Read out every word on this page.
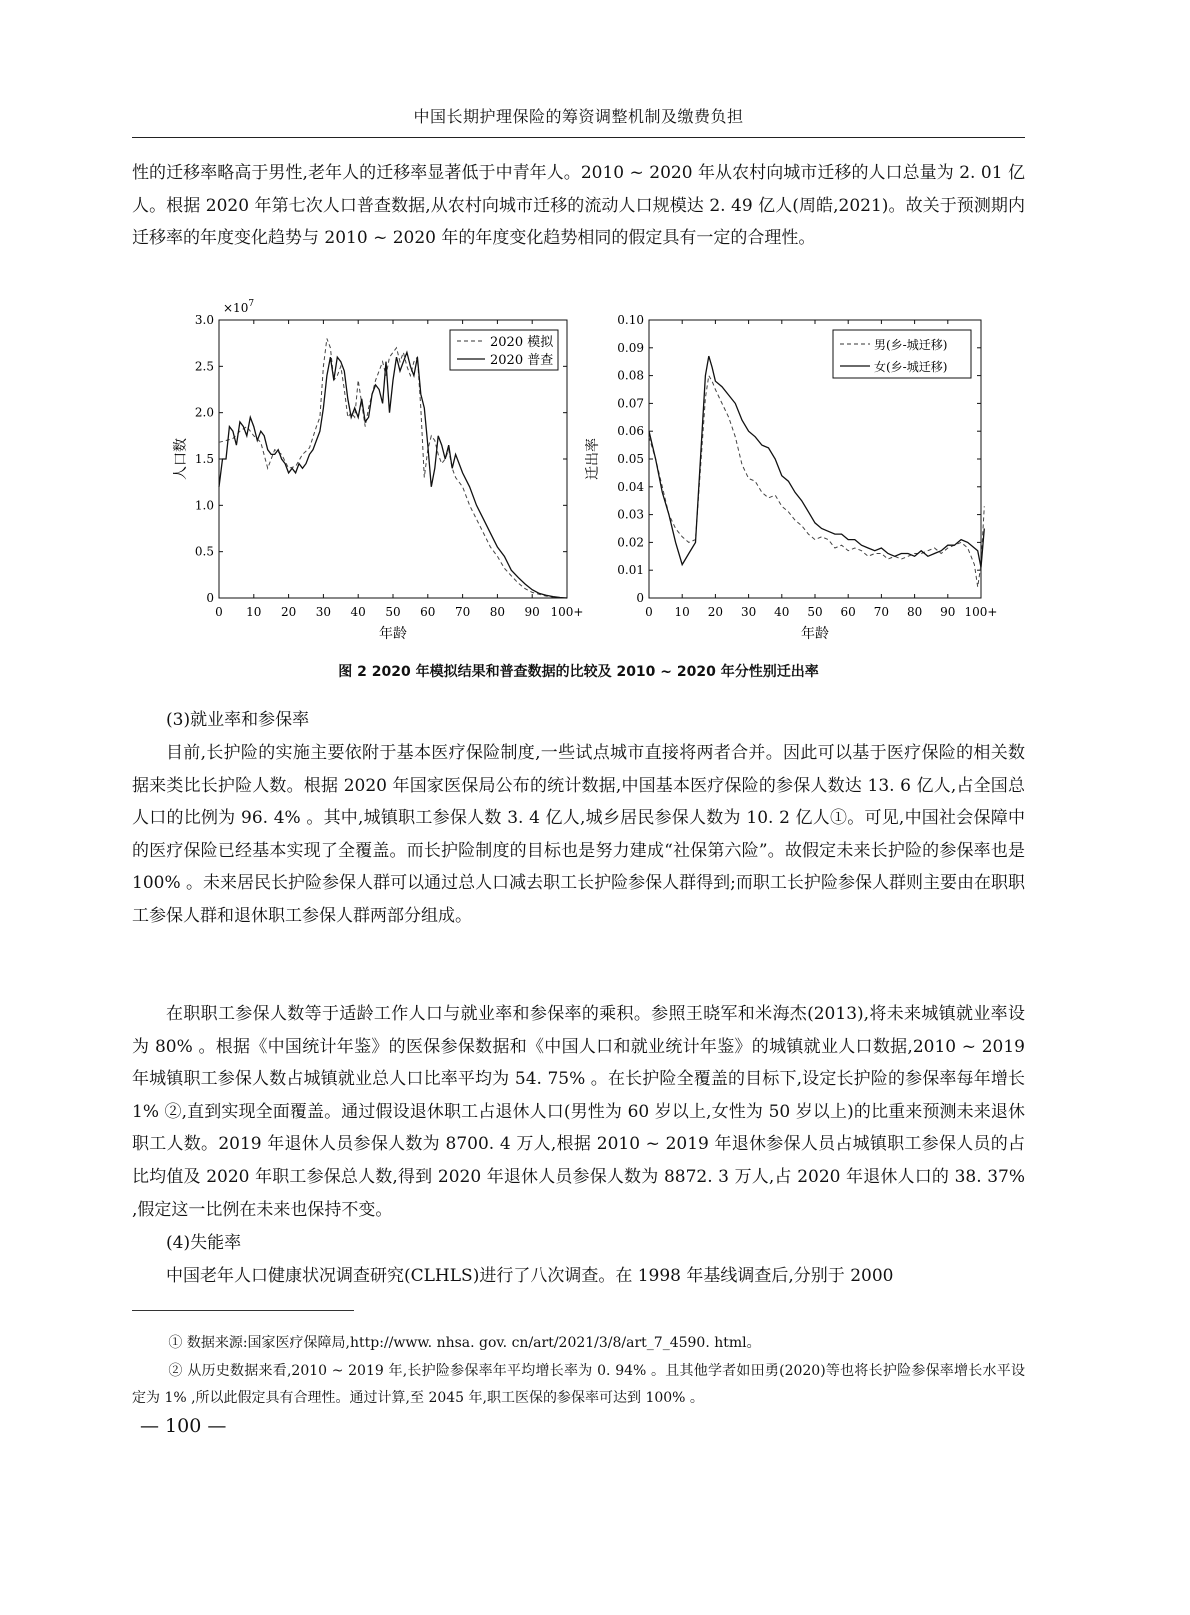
中国长期护理保险的筹资调整机制及缴费负担

性的迁移率略高于男性,老年人的迁移率显著低于中青年人。2010 ~ 2020 年从农村向城市迁移的人口总量为 2. 01 亿人。根据 2020 年第七次人口普查数据,从农村向城市迁移的流动人口规模达 2. 49 亿人(周皓,2021)。故关于预测期内迁移率的年度变化趋势与 2010 ~ 2020 年的年度变化趋势相同的假定具有一定的合理性。

$\times 10^7$
0
0.5
1.0
1.5
2.0
2.5
3.0
0 10 20 30 40 50 60 70 80 90 100+
2020 模拟
2020 普查
人口数
年龄
0
0.01
0.02
0.03
0.04
0.05
0.06
0.07
0.08
0.09
0.10
0 10 20 30 40 50 60 70 80 90 100+
男(乡-城迁移)
女(乡-城迁移)
迁出率
年龄
图 2 2020 年模拟结果和普查数据的比较及 2010 ~ 2020 年分性别迁出率

(3)就业率和参保率

目前,长护险的实施主要依附于基本医疗保险制度,一些试点城市直接将两者合并。因此可以基于医疗保险的相关数据来类比长护险人数。根据 2020 年国家医保局公布的统计数据,中国基本医疗保险的参保人数达 13. 6 亿人,占全国总人口的比例为 96. 4% 。其中,城镇职工参保人数 3. 4 亿人,城乡居民参保人数为 10. 2 亿人①。可见,中国社会保障中的医疗保险已经基本实现了全覆盖。而长护险制度的目标也是努力建成“社保第六险”。故假定未来长护险的参保率也是 100% 。未来居民长护险参保人群可以通过总人口减去职工长护险参保人群得到;而职工长护险参保人群则主要由在职职工参保人群和退休职工参保人群两部分组成。

在职职工参保人数等于适龄工作人口与就业率和参保率的乘积。参照王晓军和米海杰(2013),将未来城镇就业率设为 80% 。根据《中国统计年鉴》的医保参保数据和《中国人口和就业统计年鉴》的城镇就业人口数据,2010 ~ 2019 年城镇职工参保人数占城镇就业总人口比率平均为 54. 75% 。在长护险全覆盖的目标下,设定长护险的参保率每年增长 1% ②,直到实现全面覆盖。通过假设退休职工占退休人口(男性为 60 岁以上,女性为 50 岁以上)的比重来预测未来退休职工人数。2019 年退休人员参保人数为 8700. 4 万人,根据 2010 ~ 2019 年退休参保人员占城镇职工参保人员的占比均值及 2020 年职工参保总人数,得到 2020 年退休人员参保人数为 8872. 3 万人,占 2020 年退休人口的 38. 37% ,假定这一比例在未来也保持不变。

(4)失能率

中国老年人口健康状况调查研究(CLHLS)进行了八次调查。在 1998 年基线调查后,分别于 2000

① 数据来源:国家医疗保障局,http://www. nhsa. gov. cn/art/2021/3/8/art_7_4590. html。

② 从历史数据来看,2010 ~ 2019 年,长护险参保率年平均增长率为 0. 94% 。且其他学者如田勇(2020)等也将长护险参保率增长水平设定为 1% ,所以此假定具有合理性。通过计算,至 2045 年,职工医保的参保率可达到 100% 。

— 100 —
